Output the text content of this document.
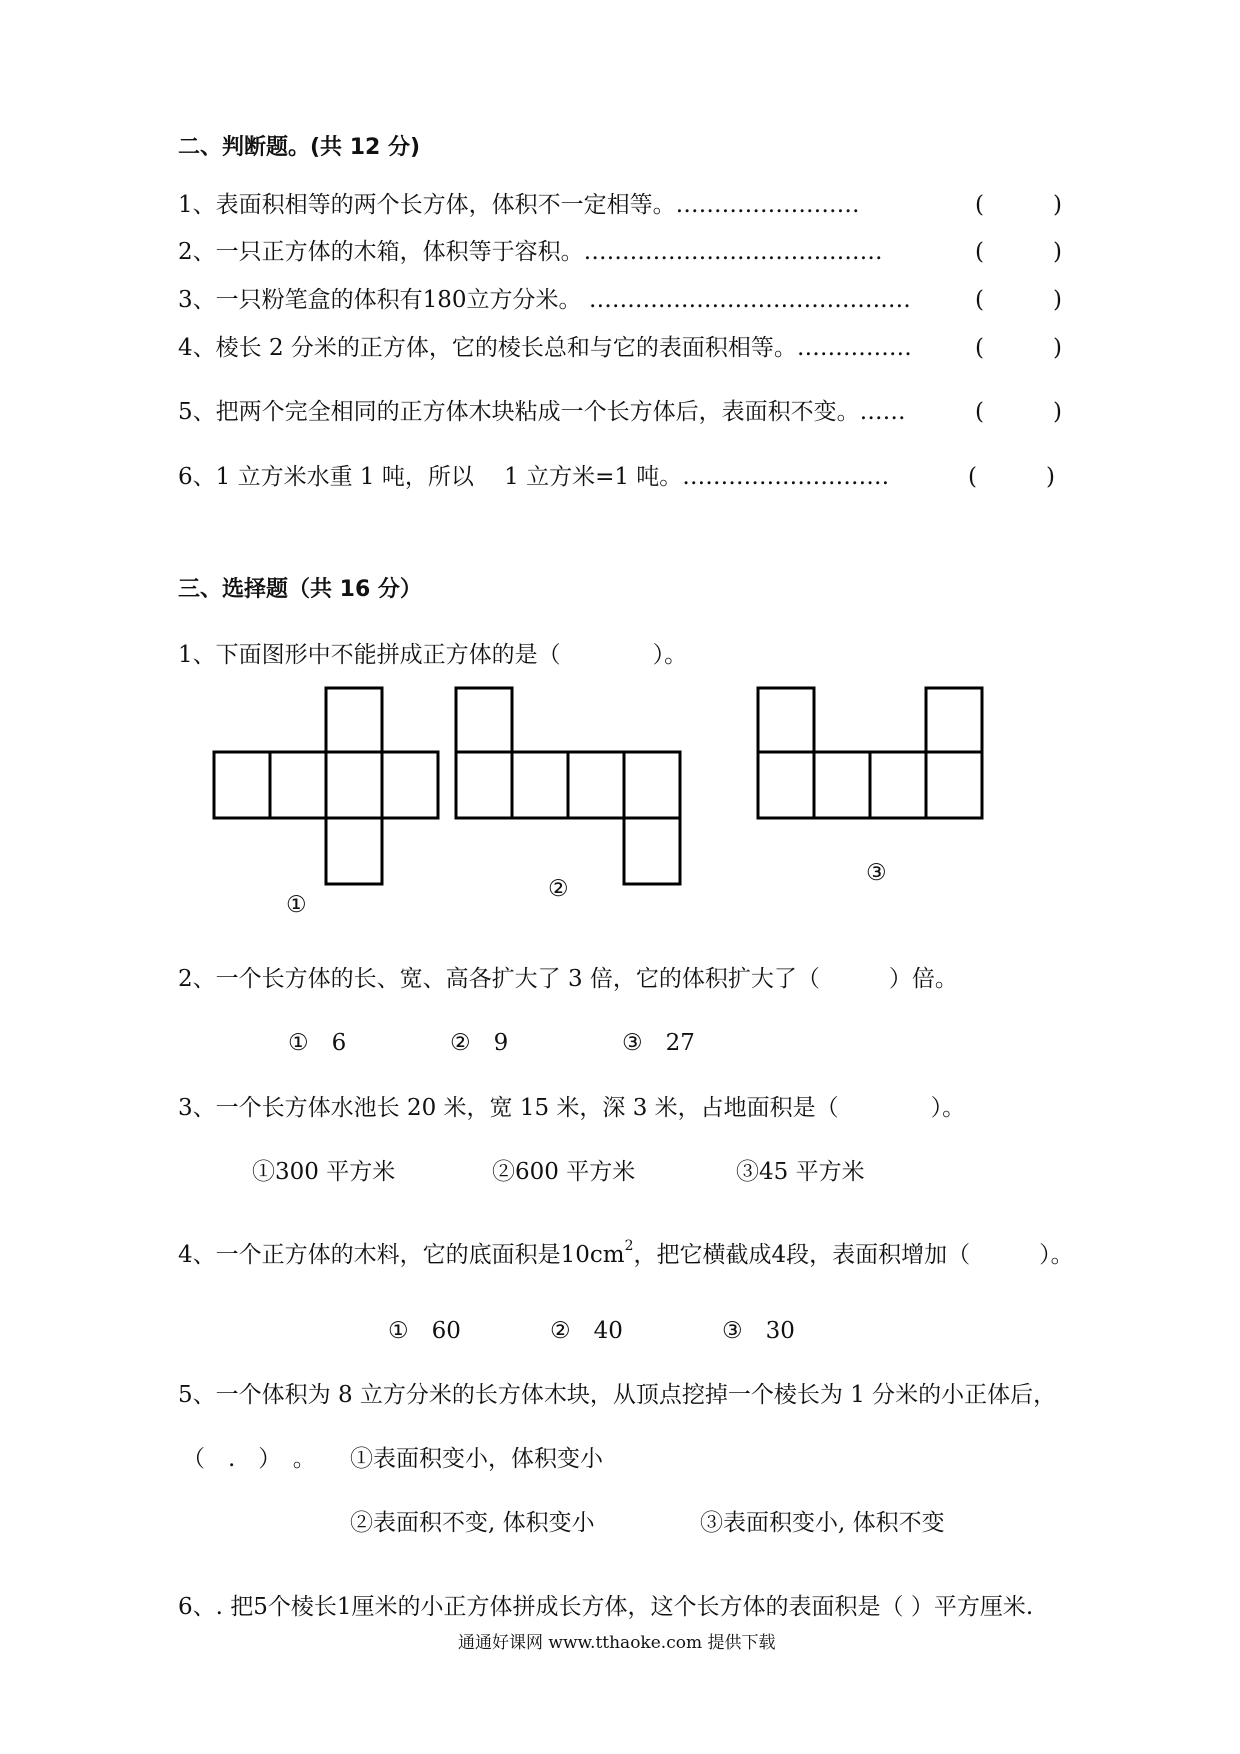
二、判断题。(共 12 分)
1、表面积相等的两个长方体，体积不一定相等。……………………	(　　　)
2、一只正方体的木箱，体积等于容积。…………………………………	(　　　)
3、一只粉笔盒的体积有180立方分米。 ……………………………………	(　　　)
4、棱长 2 分米的正方体，它的棱长总和与它的表面积相等。……………	(　　　)
5、把两个完全相同的正方体木块粘成一个长方体后，表面积不变。……	(　　　)
6、1 立方米水重 1 吨，所以　 1 立方米=1 吨。………………………	(　　　)
三、选择题（共 16 分）
1、下面图形中不能拼成正方体的是（　　　　）。
①
②
③
2、一个长方体的长、宽、高各扩大了 3 倍，它的体积扩大了（　　　）倍。
①　6	②　9	③　27
3、一个长方体水池长 20 米，宽 15 米，深 3 米，占地面积是（　　　　）。
①300 平方米	②600 平方米	③45 平方米
4、一个正方体的木料，它的底面积是$10cm^2$，把它横截成4段，表面积增加（　　　）。
①　60	②　40	③　30
5、一个体积为 8 立方分米的长方体木块，从顶点挖掉一个棱长为 1 分米的小正体后，
（　.　）　。 ①表面积变小，体积变小
②表面积不变, 体积变小	③表面积变小, 体积不变
6、. 把5个棱长1厘米的小正方体拼成长方体，这个长方体的表面积是（ ）平方厘米.
通通好课网 www.tthaoke.com 提供下载
